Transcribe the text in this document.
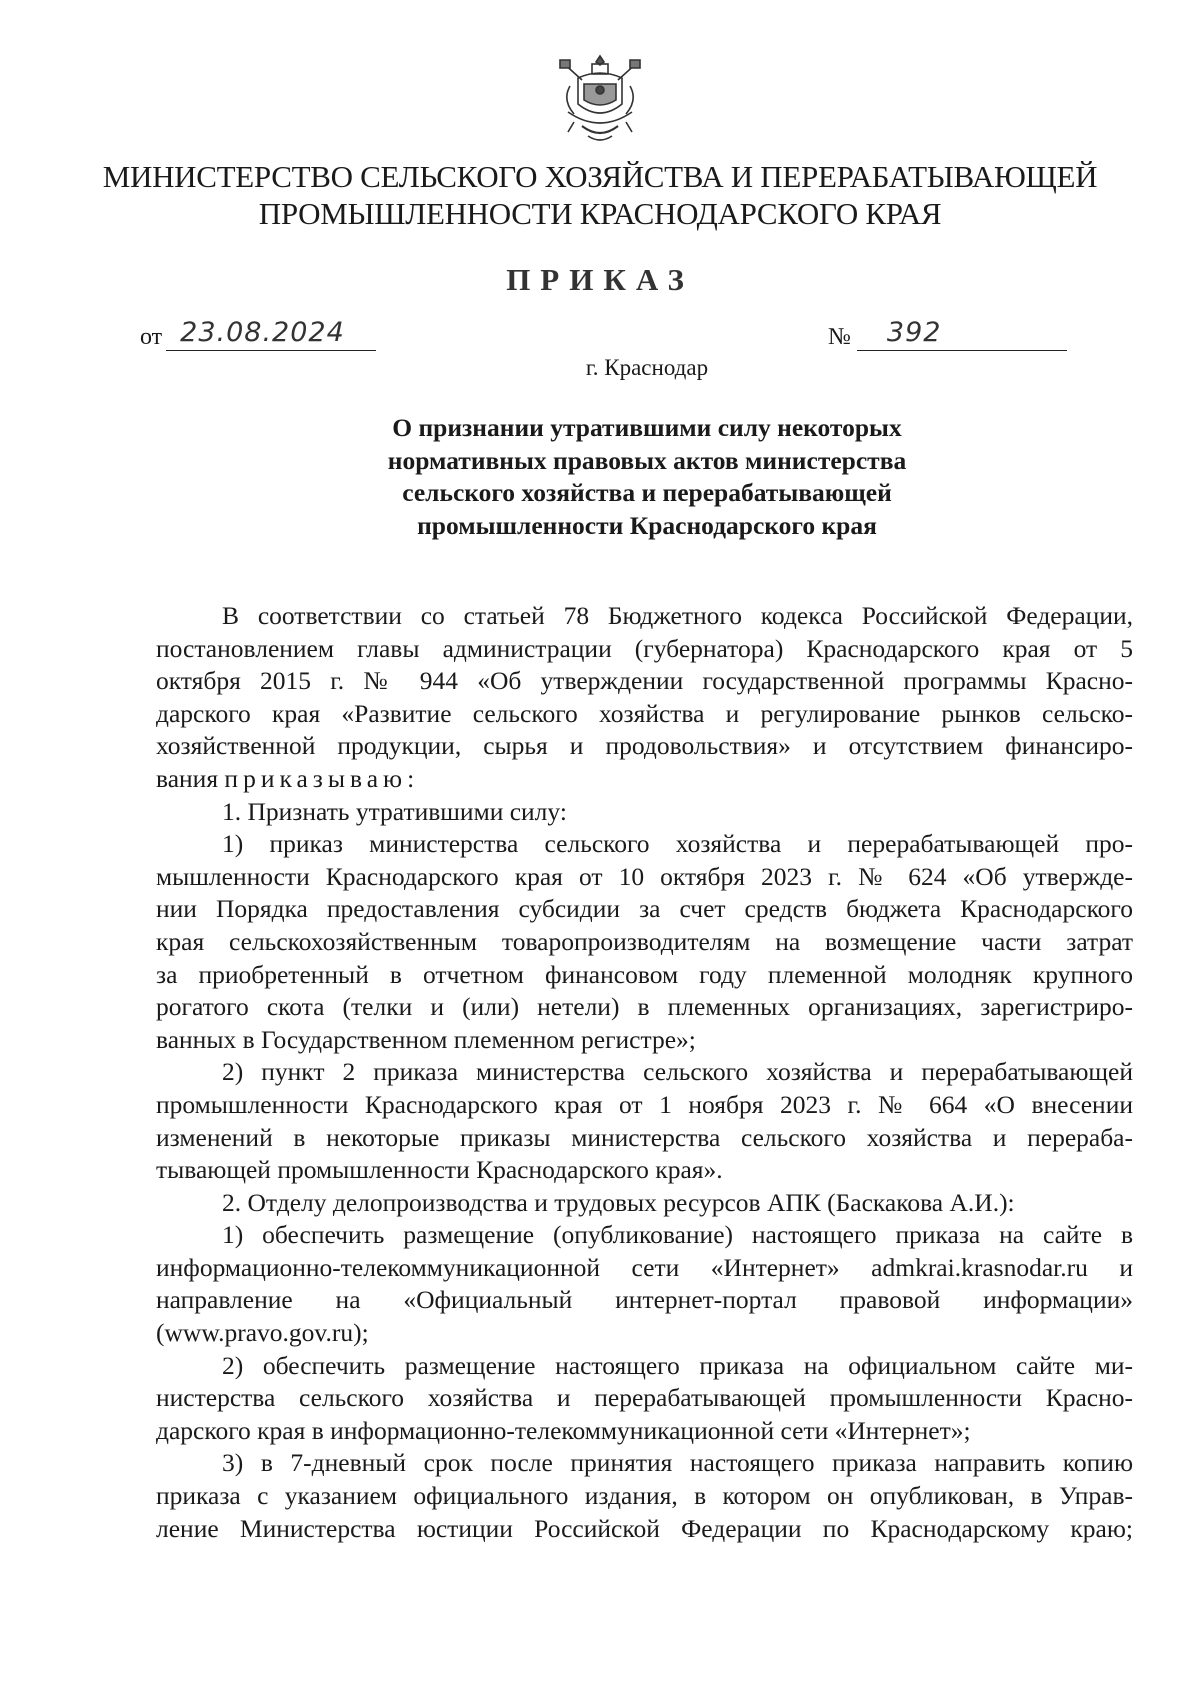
МИНИСТЕРСТВО СЕЛЬСКОГО ХОЗЯЙСТВА И ПЕРЕРАБАТЫВАЮЩЕЙ
ПРОМЫШЛЕННОСТИ КРАСНОДАРСКОГО КРАЯ
ПРИКАЗ
от 23.08.2024	№ 392
г. Краснодар
О признании утратившими силу некоторых
нормативных правовых актов министерства
сельского хозяйства и перерабатывающей
промышленности Краснодарского края

В соответствии со статьей 78 Бюджетного кодекса Российской Федерации,

постановлением главы администрации (губернатора) Краснодарского края от 5

октября 2015 г. № 944 «Об утверждении государственной программы Красно-

дарского края «Развитие сельского хозяйства и регулирование рынков сельско-

хозяйственной продукции, сырья и продовольствия» и отсутствием финансиро-

вания приказываю:

1. Признать утратившими силу:

1) приказ министерства сельского хозяйства и перерабатывающей про-

мышленности Краснодарского края от 10 октября 2023 г. № 624 «Об утвержде-

нии Порядка предоставления субсидии за счет средств бюджета Краснодарского

края сельскохозяйственным товаропроизводителям на возмещение части затрат

за приобретенный в отчетном финансовом году племенной молодняк крупного

рогатого скота (телки и (или) нетели) в племенных организациях, зарегистриро-

ванных в Государственном племенном регистре»;

2) пункт 2 приказа министерства сельского хозяйства и перерабатывающей

промышленности Краснодарского края от 1 ноября 2023 г. № 664 «О внесении

изменений в некоторые приказы министерства сельского хозяйства и перераба-

тывающей промышленности Краснодарского края».

2. Отделу делопроизводства и трудовых ресурсов АПК (Баскакова А.И.):

1) обеспечить размещение (опубликование) настоящего приказа на сайте в

информационно-телекоммуникационной сети «Интернет» admkrai.krasnodar.ru и

направление на «Официальный интернет-портал правовой информации»

(www.pravo.gov.ru);

2) обеспечить размещение настоящего приказа на официальном сайте ми-

нистерства сельского хозяйства и перерабатывающей промышленности Красно-

дарского края в информационно-телекоммуникационной сети «Интернет»;

3) в 7-дневный срок после принятия настоящего приказа направить копию

приказа с указанием официального издания, в котором он опубликован, в Управ-

ление Министерства юстиции Российской Федерации по Краснодарскому краю;
